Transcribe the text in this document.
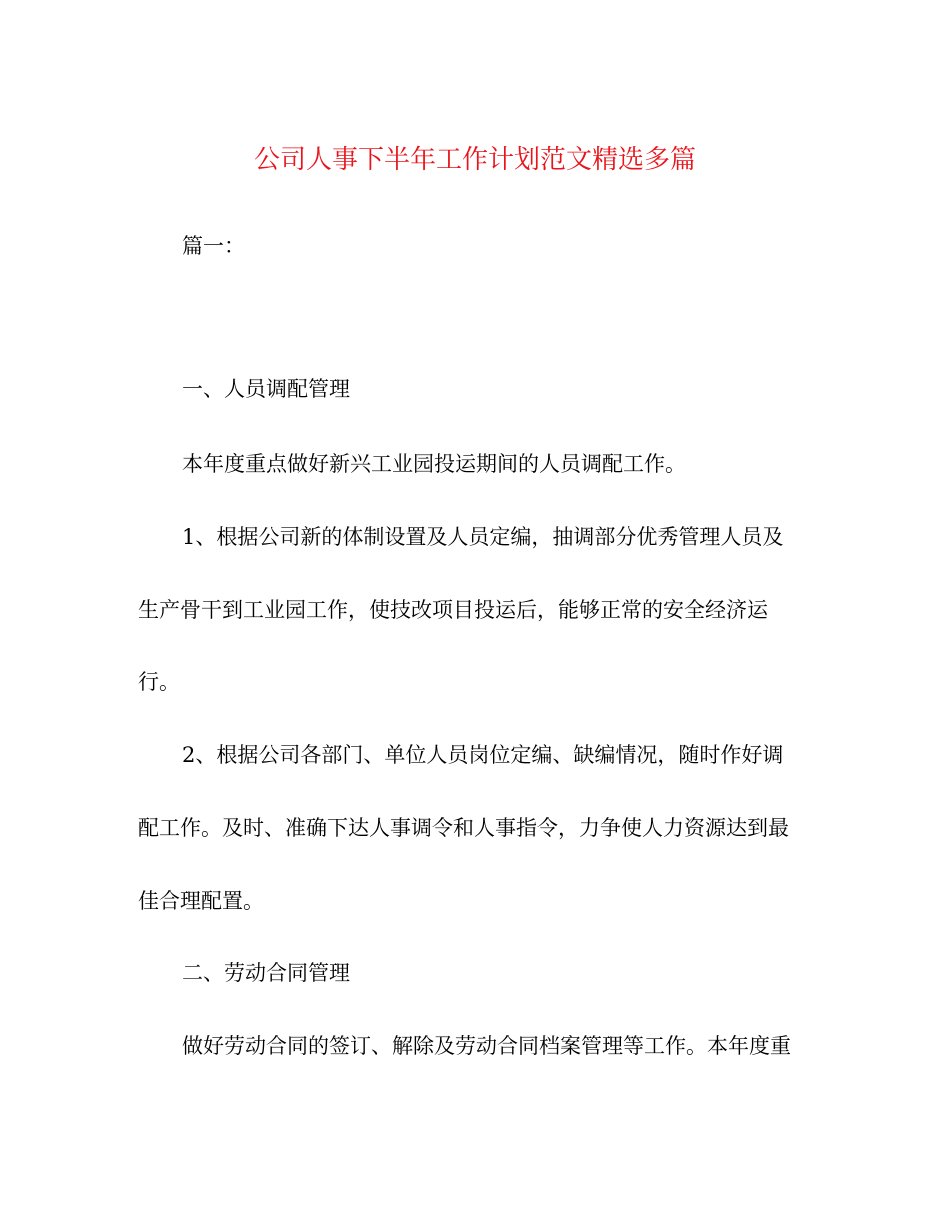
公司人事下半年工作计划范文精选多篇

篇一：

一、人员调配管理

本年度重点做好新兴工业园投运期间的人员调配工作。

1、根据公司新的体制设置及人员定编，抽调部分优秀管理人员及

生产骨干到工业园工作，使技改项目投运后，能够正常的安全经济运

行。

2、根据公司各部门、单位人员岗位定编、缺编情况，随时作好调

配工作。及时、准确下达人事调令和人事指令，力争使人力资源达到最

佳合理配置。

二、劳动合同管理

做好劳动合同的签订、解除及劳动合同档案管理等工作。本年度重
